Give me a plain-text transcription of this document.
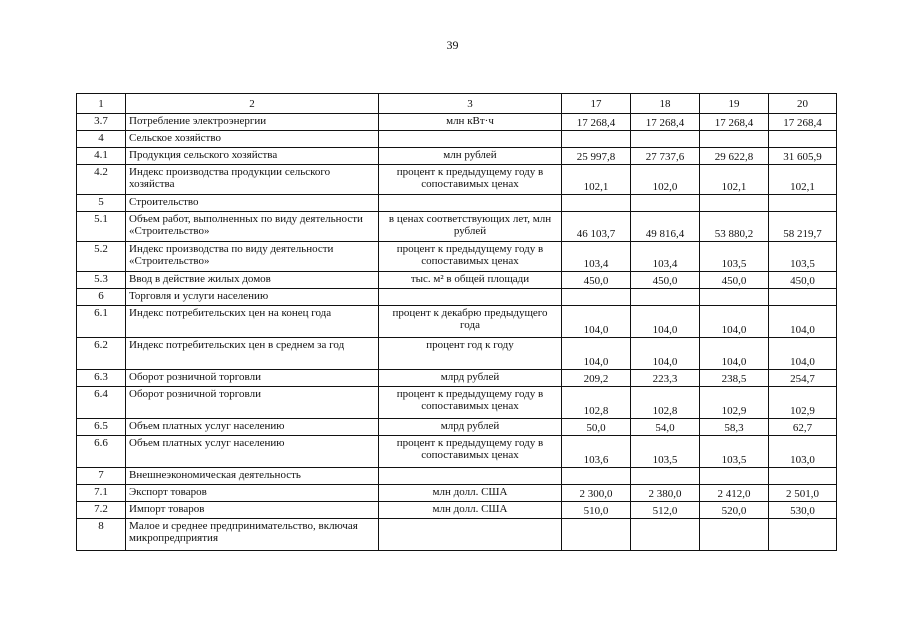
39
1	2	3	17	18	19	20
3.7	Потребление электроэнергии	млн кВт·ч	17 268,4	17 268,4	17 268,4	17 268,4
4	Сельское хозяйство					
4.1	Продукция сельского хозяйства	млн рублей	25 997,8	27 737,6	29 622,8	31 605,9
4.2	Индекс производства продукции сельского хозяйства	процент к предыдущему году в сопоставимых ценах	102,1	102,0	102,1	102,1
5	Строительство					
5.1	Объем работ, выполненных по виду деятельности «Строительство»	в ценах соответствующих лет, млн рублей	46 103,7	49 816,4	53 880,2	58 219,7
5.2	Индекс производства по виду деятельности «Строительство»	процент к предыдущему году в сопоставимых ценах	103,4	103,4	103,5	103,5
5.3	Ввод в действие жилых домов	тыс. м² в общей площади	450,0	450,0	450,0	450,0
6	Торговля и услуги населению					
6.1	Индекс потребительских цен на конец года	процент к декабрю предыдущего года	104,0	104,0	104,0	104,0
6.2	Индекс потребительских цен в среднем за год	процент год к году	104,0	104,0	104,0	104,0
6.3	Оборот розничной торговли	млрд рублей	209,2	223,3	238,5	254,7
6.4	Оборот розничной торговли	процент к предыдущему году в сопоставимых ценах	102,8	102,8	102,9	102,9
6.5	Объем платных услуг населению	млрд рублей	50,0	54,0	58,3	62,7
6.6	Объем платных услуг населению	процент к предыдущему году в сопоставимых ценах	103,6	103,5	103,5	103,0
7	Внешнеэкономическая деятельность					
7.1	Экспорт товаров	млн долл. США	2 300,0	2 380,0	2 412,0	2 501,0
7.2	Импорт товаров	млн долл. США	510,0	512,0	520,0	530,0
8	Малое и среднее предпринимательство, включая микропредприятия					
